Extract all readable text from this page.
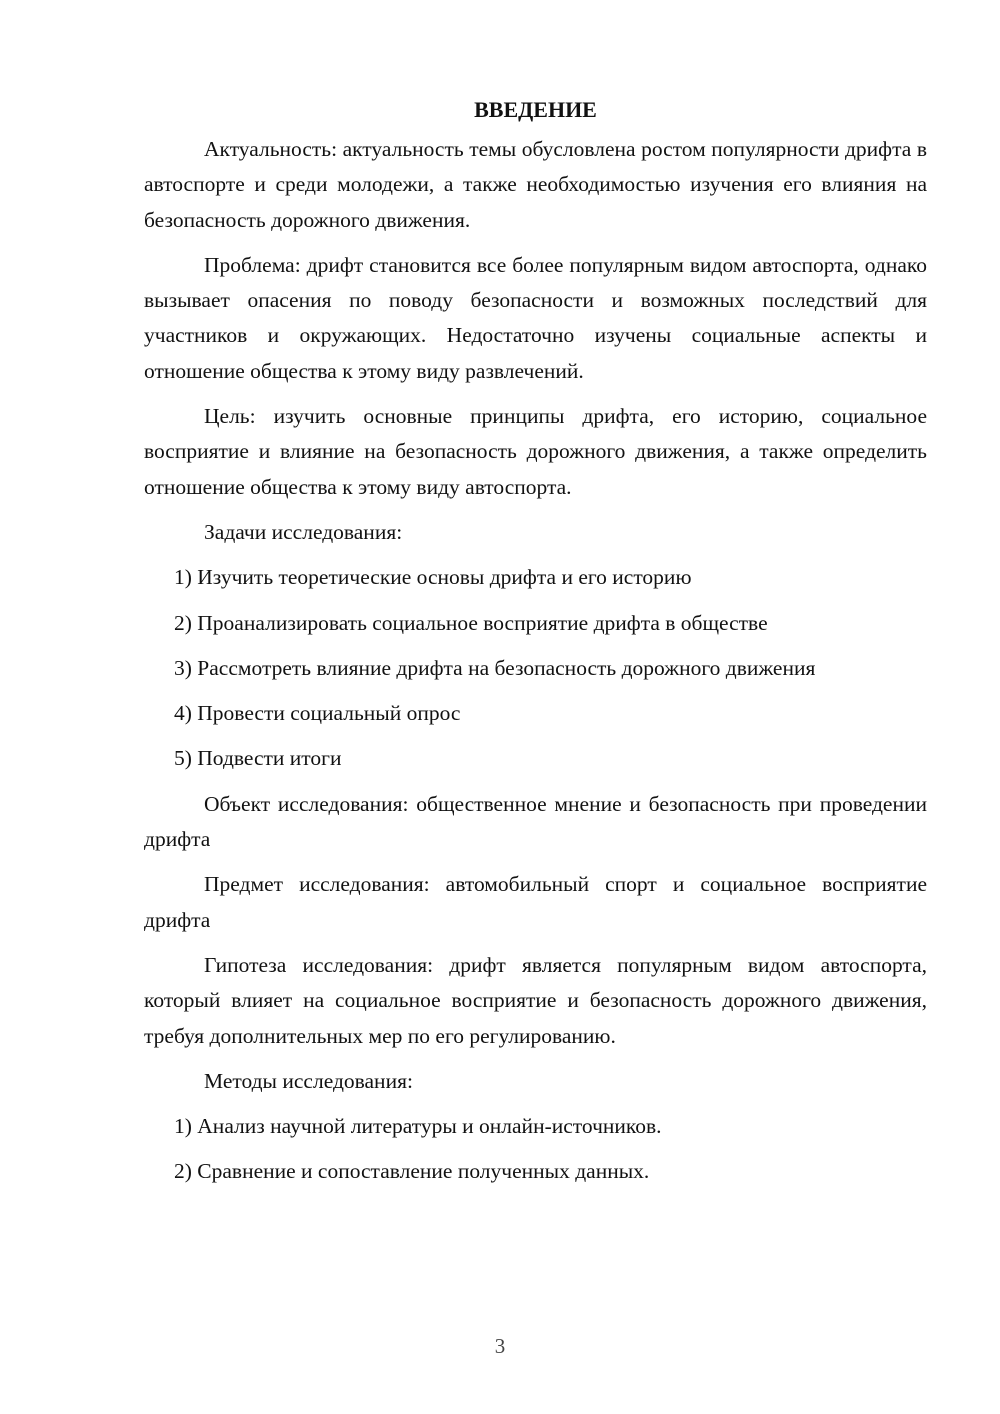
ВВЕДЕНИЕ

Актуальность: актуальность темы обусловлена ростом популярности дрифта в автоспорте и среди молодежи, а также необходимостью изучения его влияния на безопасность дорожного движения.

Проблема: дрифт становится все более популярным видом автоспорта, однако вызывает опасения по поводу безопасности и возможных последствий для участников и окружающих. Недостаточно изучены социальные аспекты и отношение общества к этому виду развлечений.

Цель: изучить основные принципы дрифта, его историю, социальное восприятие и влияние на безопасность дорожного движения, а также определить отношение общества к этому виду автоспорта.

Задачи исследования:

1) Изучить теоретические основы дрифта и его историю

2) Проанализировать социальное восприятие дрифта в обществе

3) Рассмотреть влияние дрифта на безопасность дорожного движения

4) Провести социальный опрос

5) Подвести итоги

Объект исследования: общественное мнение и безопасность при проведении дрифта

Предмет исследования: автомобильный спорт и социальное восприятие дрифта

Гипотеза исследования: дрифт является популярным видом автоспорта, который влияет на социальное восприятие и безопасность дорожного движения, требуя дополнительных мер по его регулированию.

Методы исследования:

1) Анализ научной литературы и онлайн-источников.

2) Сравнение и сопоставление полученных данных.

3
